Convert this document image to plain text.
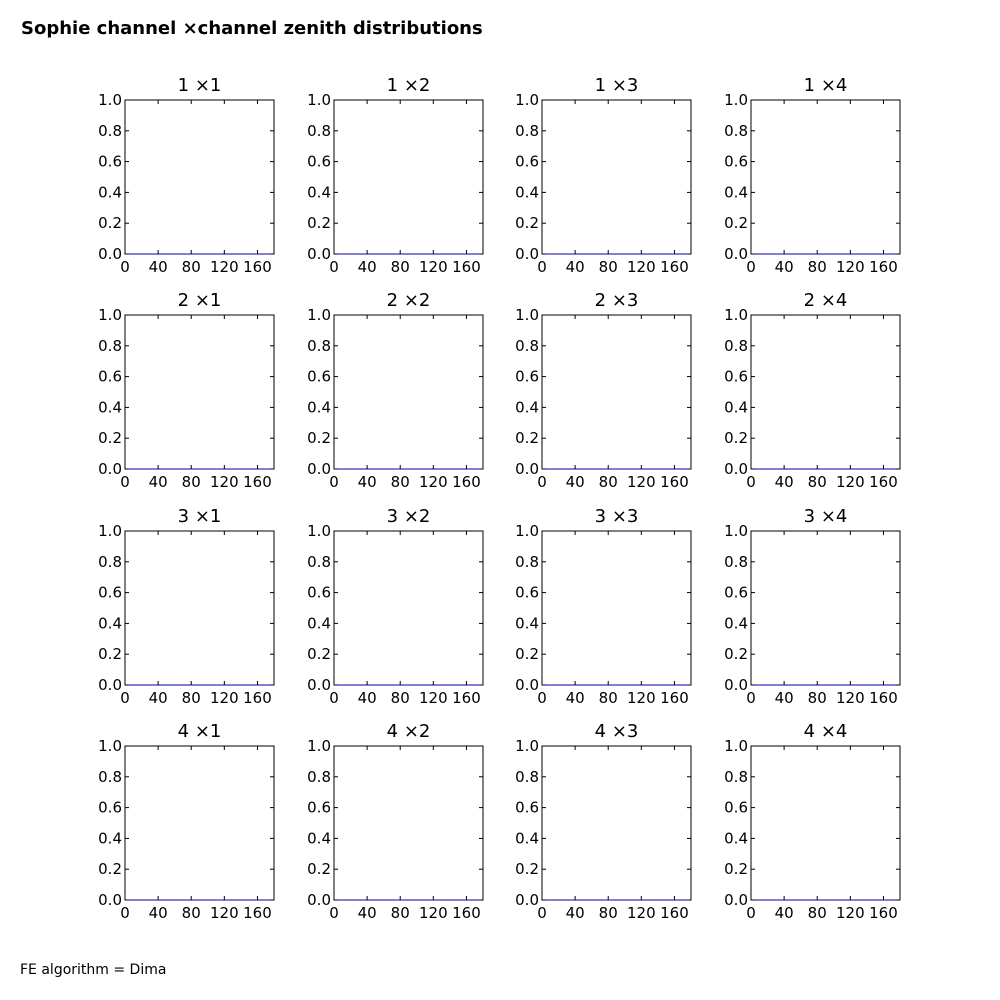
Sophie channel ×channel zenith distributions
0 40 80 120 160
0.0
0.2
0.4
0.6
0.8
1.0
1 ×1
0 40 80 120 160
0.0
0.2
0.4
0.6
0.8
1.0
1 ×2
0 40 80 120 160
0.0
0.2
0.4
0.6
0.8
1.0
1 ×3
0 40 80 120 160
0.0
0.2
0.4
0.6
0.8
1.0
1 ×4
0 40 80 120 160
0.0
0.2
0.4
0.6
0.8
1.0
2 ×1
0 40 80 120 160
0.0
0.2
0.4
0.6
0.8
1.0
2 ×2
0 40 80 120 160
0.0
0.2
0.4
0.6
0.8
1.0
2 ×3
0 40 80 120 160
0.0
0.2
0.4
0.6
0.8
1.0
2 ×4
0 40 80 120 160
0.0
0.2
0.4
0.6
0.8
1.0
3 ×1
0 40 80 120 160
0.0
0.2
0.4
0.6
0.8
1.0
3 ×2
0 40 80 120 160
0.0
0.2
0.4
0.6
0.8
1.0
3 ×3
0 40 80 120 160
0.0
0.2
0.4
0.6
0.8
1.0
3 ×4
0 40 80 120 160
0.0
0.2
0.4
0.6
0.8
1.0
4 ×1
0 40 80 120 160
0.0
0.2
0.4
0.6
0.8
1.0
4 ×2
0 40 80 120 160
0.0
0.2
0.4
0.6
0.8
1.0
4 ×3
0 40 80 120 160
0.0
0.2
0.4
0.6
0.8
1.0
4 ×4
FE algorithm = Dima
